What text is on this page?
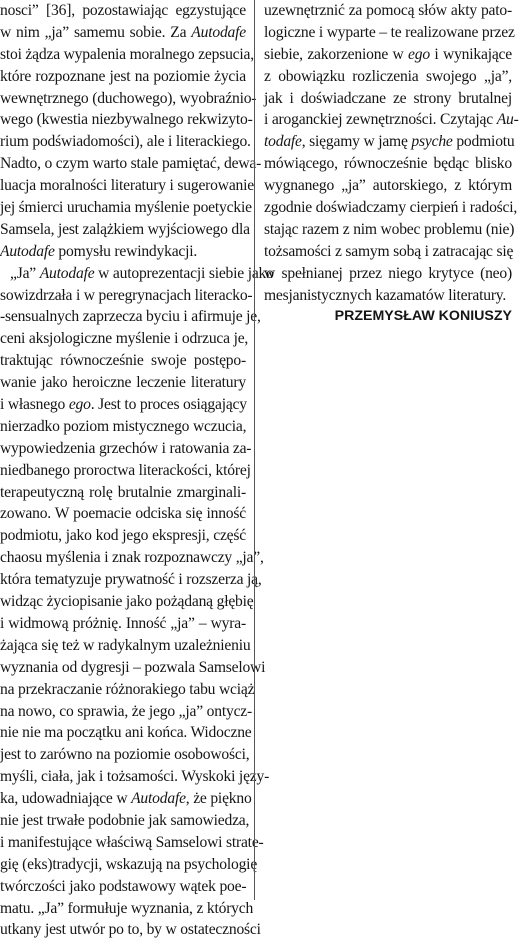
nosci” [36], pozostawiając egzystujące
w nim „ja” samemu sobie. Za Autodafe
stoi żądza wypalenia moralnego zepsucia,
które rozpoznane jest na poziomie życia
wewnętrznego (duchowego), wyobraźnio-
wego (kwestia niezbywalnego rekwizyto-
rium podświadomości), ale i literackiego.
Nadto, o czym warto stale pamiętać, dewa-
luacja moralności literatury i sugerowanie
jej śmierci uruchamia myślenie poetyckie
Samsela, jest zalążkiem wyjściowego dla
Autodafe pomysłu rewindykacji.
„Ja” Autodafe w autoprezentacji siebie jako
sowizdrzała i w peregrynacjach literacko-
-sensualnych zaprzecza byciu i afirmuje je,
ceni aksjologiczne myślenie i odrzuca je,
traktując równocześnie swoje postępo-
wanie jako heroiczne leczenie literatury
i własnego ego. Jest to proces osiągający
nierzadko poziom mistycznego wczucia,
wypowiedzenia grzechów i ratowania za-
niedbanego proroctwa literackości, której
terapeutyczną rolę brutalnie zmarginali-
zowano. W poemacie odciska się inność
podmiotu, jako kod jego ekspresji, część
chaosu myślenia i znak rozpoznawczy „ja”,
która tematyzuje prywatność i rozszerza ją,
widząc życiopisanie jako pożądaną głębię
i widmową próżnię. Inność „ja” – wyra-
żająca się też w radykalnym uzależnieniu
wyznania od dygresji – pozwala Samselowi
na przekraczanie różnorakiego tabu wciąż
na nowo, co sprawia, że jego „ja” ontycz-
nie nie ma początku ani końca. Widoczne
jest to zarówno na poziomie osobowości,
myśli, ciała, jak i tożsamości. Wyskoki języ-
ka, udowadniające w Autodafe, że piękno
nie jest trwałe podobnie jak samowiedza,
i manifestujące właściwą Samselowi strate-
gię (eks)tradycji, wskazują na psychologię
twórczości jako podstawowy wątek poe-
matu. „Ja” formułuje wyznania, z których
utkany jest utwór po to, by w ostateczności
uzewnętrznić za pomocą słów akty pato-
logiczne i wyparte – te realizowane przez
siebie, zakorzenione w ego i wynikające
z obowiązku rozliczenia swojego „ja”,
jak i doświadczane ze strony brutalnej
i aroganckiej zewnętrzności. Czytając Au-
todafe, sięgamy w jamę psyche podmiotu
mówiącego, równocześnie będąc blisko
wygnanego „ja” autorskiego, z którym
zgodnie doświadczamy cierpień i radości,
stając razem z nim wobec problemu (nie)
tożsamości z samym sobą i zatracając się
w spełnianej przez niego krytyce (neo)
mesjanistycznych kazamatów literatury.
PRZEMYSŁAW KONIUSZY
